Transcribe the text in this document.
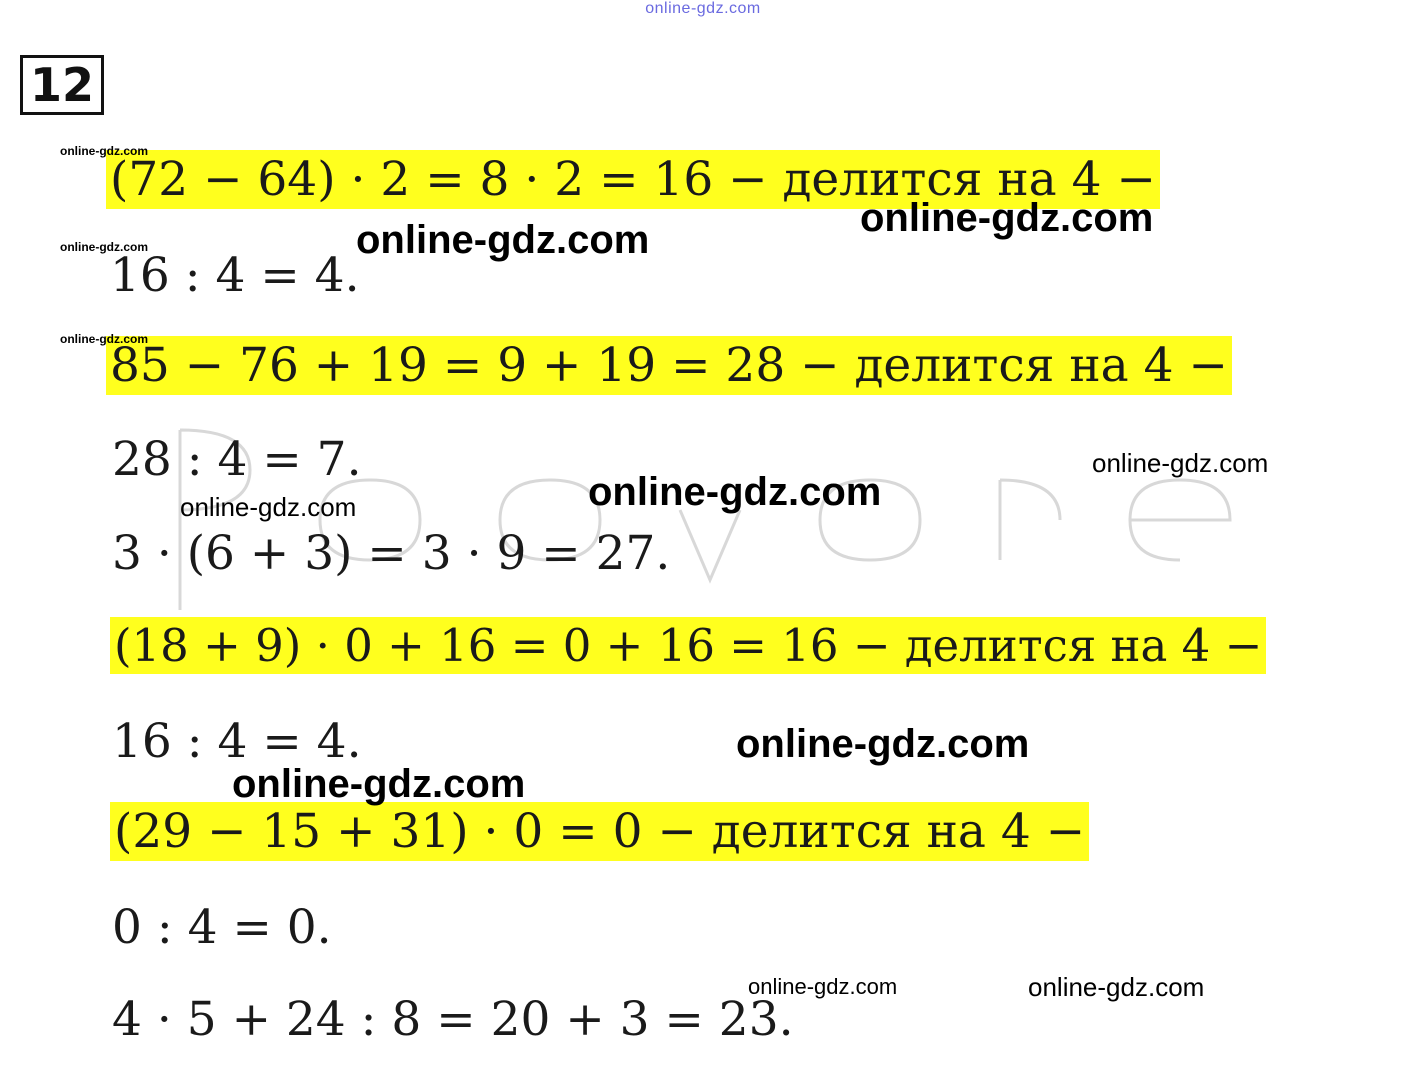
online-gdz.com
12
(72 − 64) · 2 = 8 · 2 = 16 − делится на 4 −
16 : 4 = 4.
85 − 76 + 19 = 9 + 19 = 28 − делится на 4 −
28 : 4 = 7.
3 · (6 + 3) = 3 · 9 = 27.
(18 + 9) · 0 + 16 = 0 + 16 = 16 − делится на 4 −
16 : 4 = 4.
(29 − 15 + 31) · 0 = 0 − делится на 4 −
0 : 4 = 0.
4 · 5 + 24 : 8 = 20 + 3 = 23.
online-gdz.com
online-gdz.com
online-gdz.com
online-gdz.com
online-gdz.com
online-gdz.com
online-gdz.com
online-gdz.com
online-gdz.com
online-gdz.com
online-gdz.com	online-gdz.com
